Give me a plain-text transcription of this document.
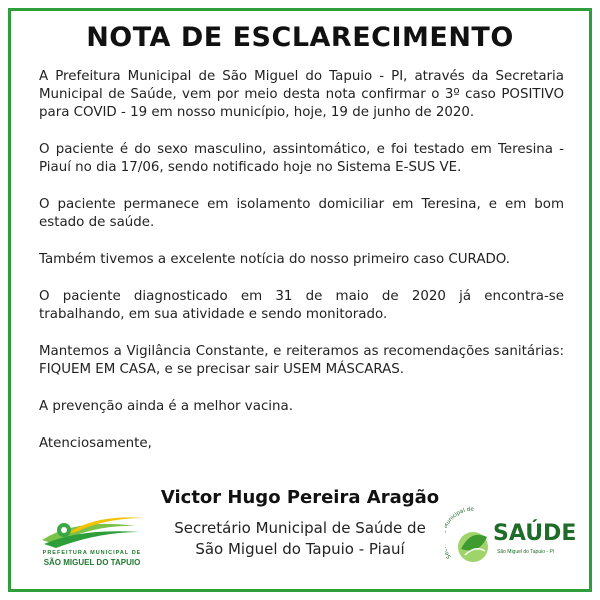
NOTA DE ESCLARECIMENTO

A Prefeitura Municipal de São Miguel do Tapuio - PI, através da Secretaria Municipal de Saúde, vem por meio desta nota confirmar o 3º caso POSITIVO para COVID - 19 em nosso município, hoje, 19 de junho de 2020.

O paciente é do sexo masculino, assintomático, e foi testado em Teresina - Piauí no dia 17/06, sendo notificado hoje no Sistema E-SUS VE.

O paciente permanece em isolamento domiciliar em Teresina, e em bom estado de saúde.

Também tivemos a excelente notícia do nosso primeiro caso CURADO.

O paciente diagnosticado em 31 de maio de 2020 já encontra-se trabalhando, em sua atividade e sendo monitorado.

Mantemos a Vigilância Constante, e reiteramos as recomendações sanitárias: FIQUEM EM CASA, e se precisar sair USEM MÁSCARAS.

A prevenção ainda é a melhor vacina.

Atenciosamente,

Victor Hugo Pereira Aragão
Secretário Municipal de Saúde de
São Miguel do Tapuio - Piauí
PREFEITURA MUNICIPAL DE
SÃO MIGUEL DO TAPUIO
S unicipal de
SAÚDE
São Miguel do Tapuio - PI
